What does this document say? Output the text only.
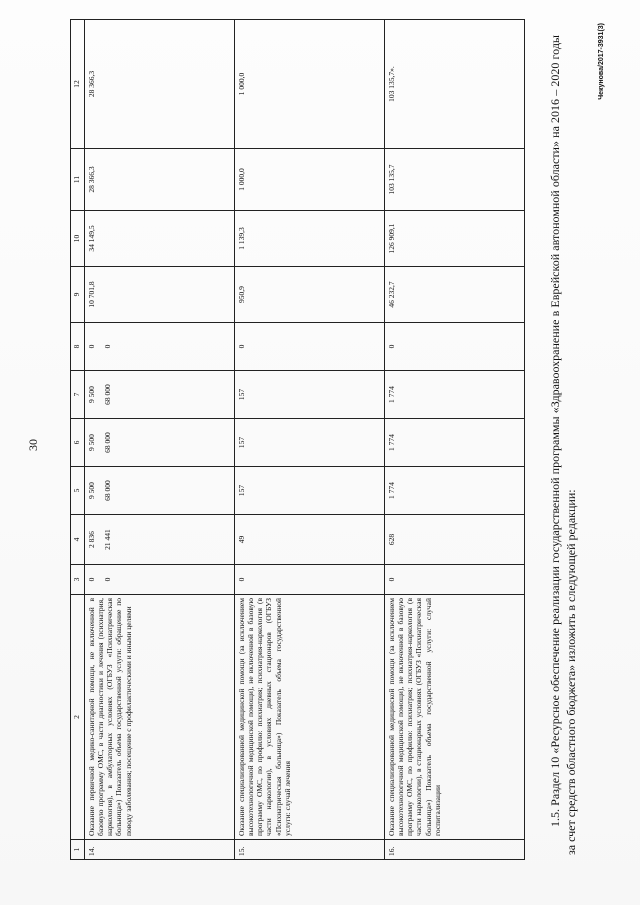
30
1	2	3	4	5	6	7	8	9	10	11	12
14.	Оказание первичной медико-санитарной помощи, не включенной в базовую программу ОМС, в части диагностики и лечения (психиатрия, наркология), в амбулаторных условиях (ОГБУЗ «Психиатрическая больница») Показатель объема государственной услуги: обращение по поводу заболевания; посещение с профилактическими и иными целями	0 0	2 836 21 441	9 500 68 000	9 500 68 000	9 500 68 000	0 0	10 701,8	34 149,5	28 366,3	28 366,3

15.	Оказание специализированной медицинской помощи (за исключением высокотехнологичной медицинской помощи), не включенной в базовую программу ОМС, по профилю: психиатрия; психиатрия-наркология (в части наркологии), в условиях дневных стационаров (ОГБУЗ «Психиатрическая больница») Показатель объема государственной услуги: случай лечения	0	49	157	157	157	0	950,9	1 139,3	1 000,0	1 000,0

16.	Оказание специализированной медицинской помощи (за исключением высокотехнологичной медицинской помощи), не включенной в базовую программу ОМС, по профилю: психиатрия; психиатрия-наркология (в части наркологии), в стационарных условиях (ОГБУЗ «Психиатрическая больница») Показатель объема государственной услуги: случай госпитализации	0	628	1 774	1 774	1 774	0	46 232,7	126 909,1	103 135,7	103 135,7».	1.5. Раздел 10 «Ресурсное обеспечение реализации государственной программы «Здравоохранение в Еврейской автономной области» на 2016 – 2020 годы за счет средств областного бюджета» изложить в следующей редакции:
Чекунова/2017-3931(3)
